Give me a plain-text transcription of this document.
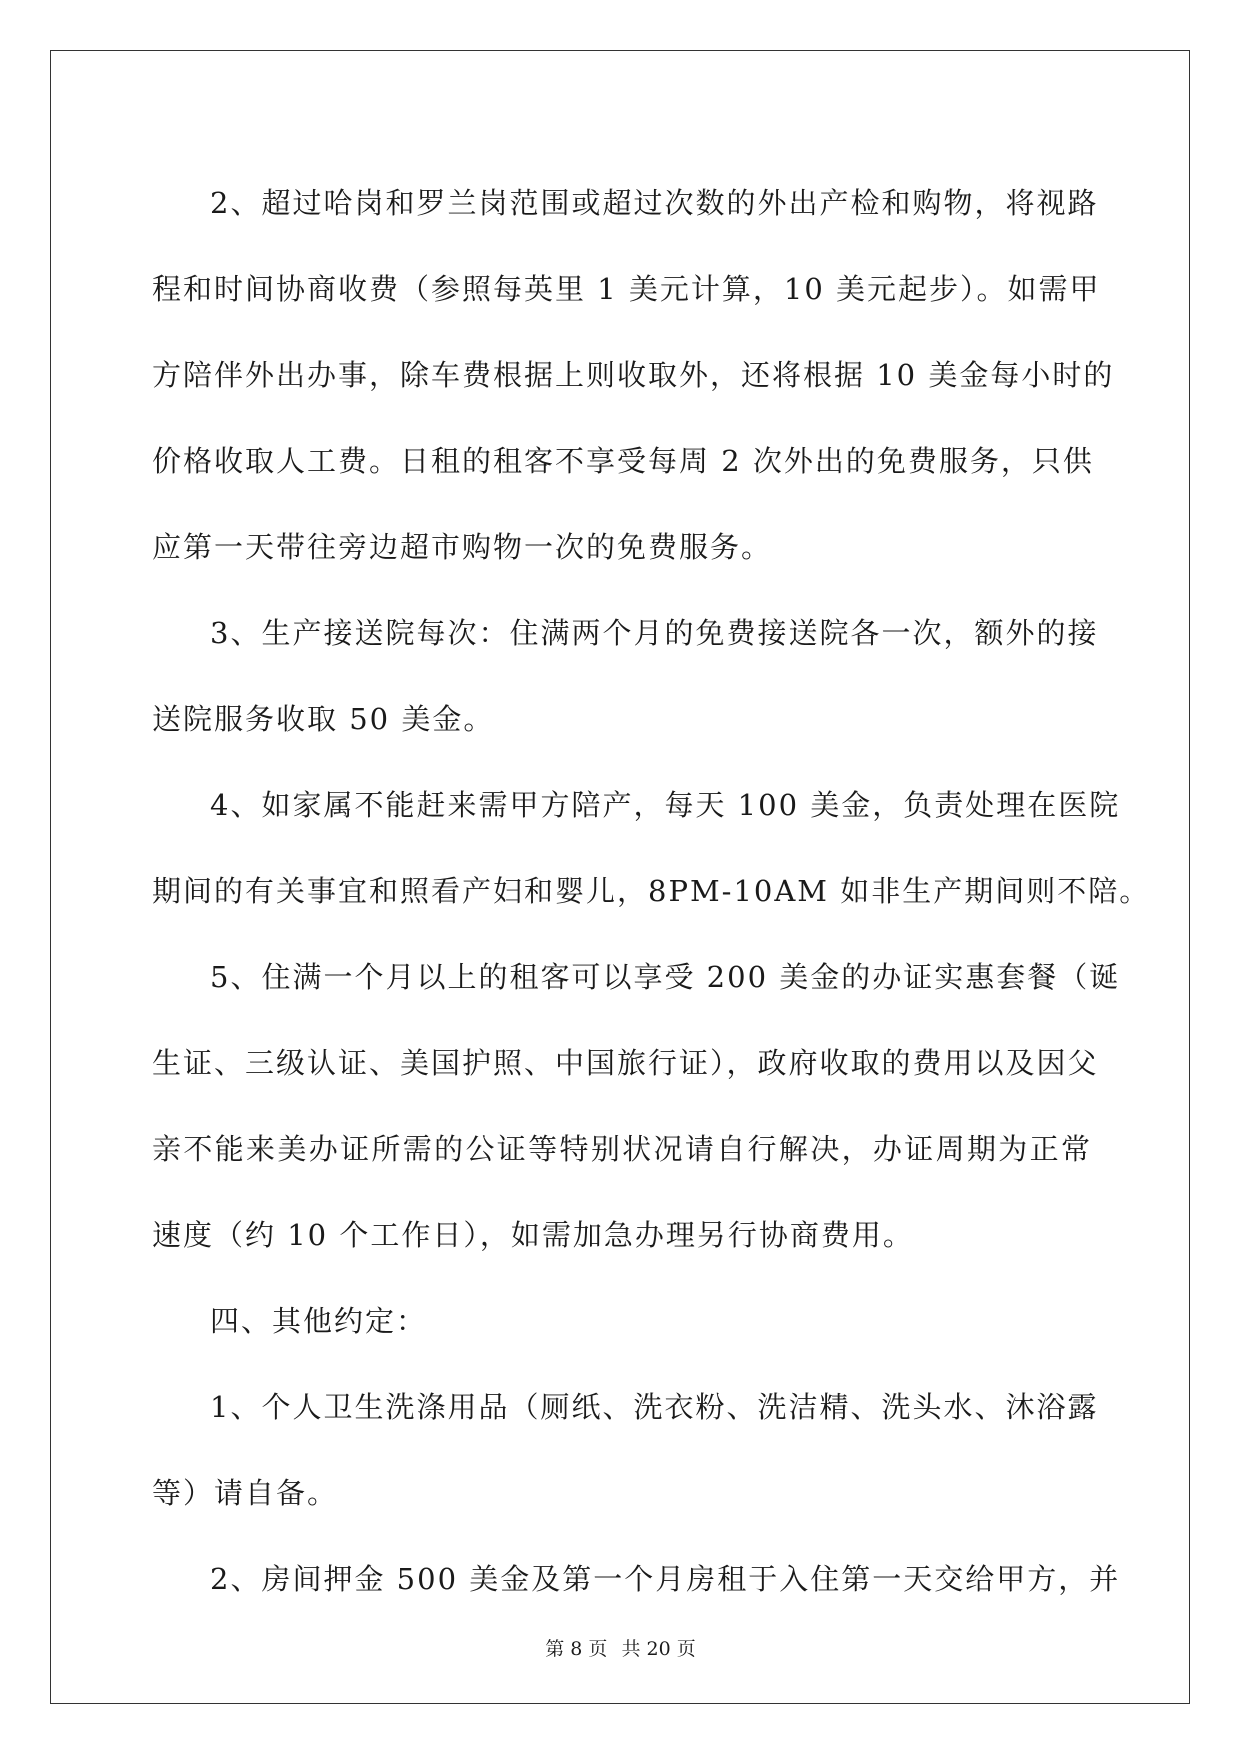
2、超过哈岗和罗兰岗范围或超过次数的外出产检和购物，将视路
程和时间协商收费（参照每英里 1 美元计算，10 美元起步）。如需甲
方陪伴外出办事，除车费根据上则收取外，还将根据 10 美金每小时的
价格收取人工费。日租的租客不享受每周 2 次外出的免费服务，只供
应第一天带往旁边超市购物一次的免费服务。
3、生产接送院每次：住满两个月的免费接送院各一次，额外的接
送院服务收取 50 美金。
4、如家属不能赶来需甲方陪产，每天 100 美金，负责处理在医院
期间的有关事宜和照看产妇和婴儿，8PM-10AM 如非生产期间则不陪。
5、住满一个月以上的租客可以享受 200 美金的办证实惠套餐（诞
生证、三级认证、美国护照、中国旅行证），政府收取的费用以及因父
亲不能来美办证所需的公证等特别状况请自行解决，办证周期为正常
速度（约 10 个工作日），如需加急办理另行协商费用。
四、其他约定：
1、个人卫生洗涤用品（厕纸、洗衣粉、洗洁精、洗头水、沐浴露
等）请自备。
2、房间押金 500 美金及第一个月房租于入住第一天交给甲方，并
第 8 页 共 20 页
